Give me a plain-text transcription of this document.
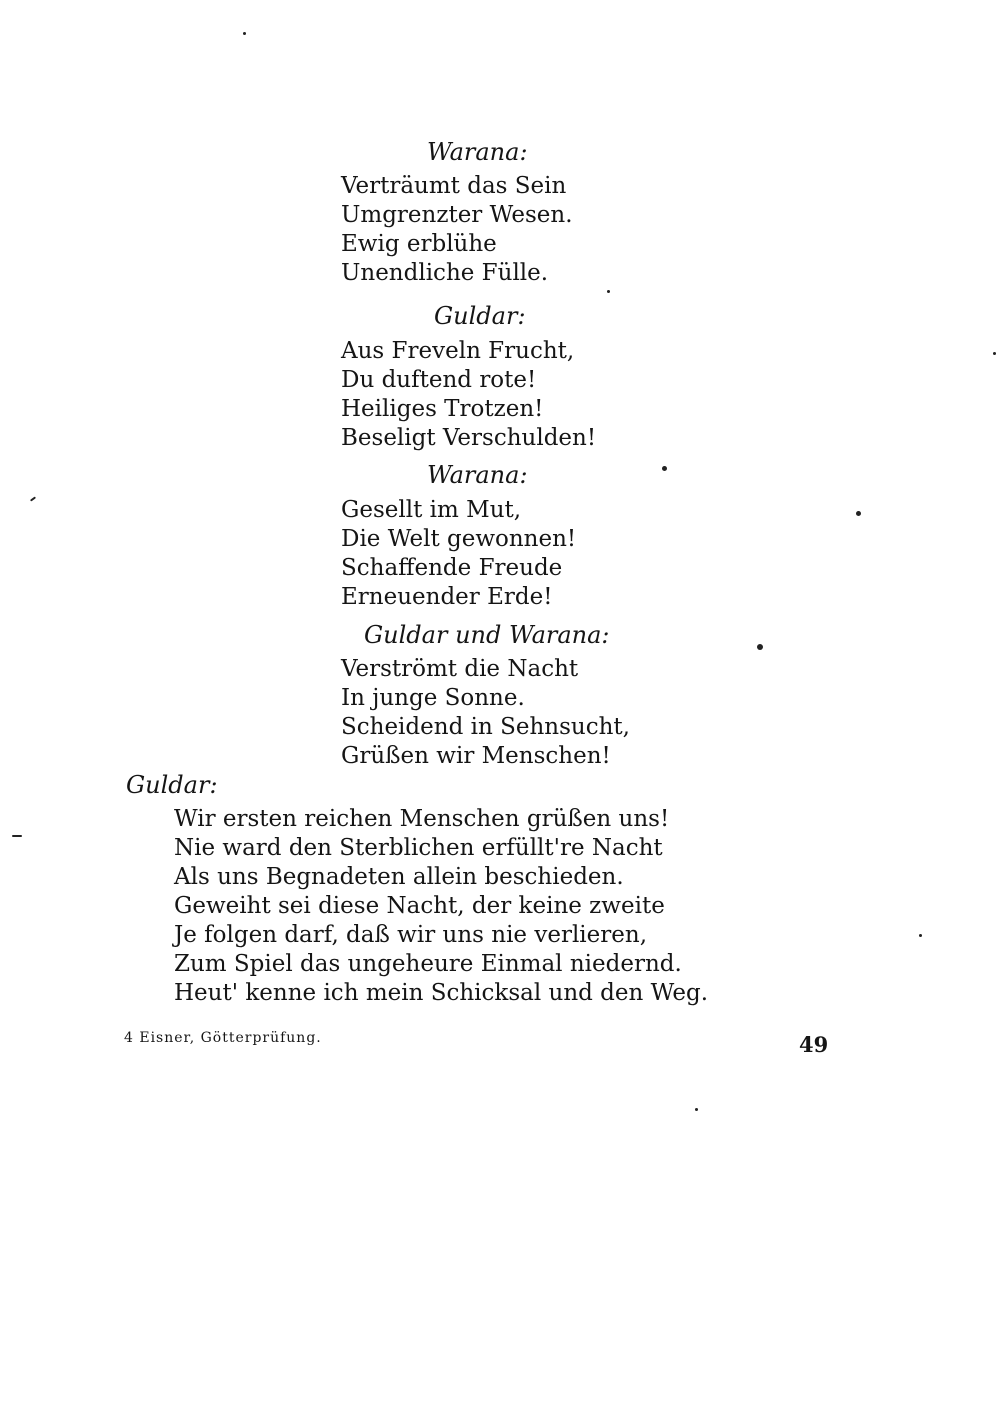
Warana:
Verträumt das Sein
Umgrenzter Wesen.
Ewig erblühe
Unendliche Fülle.
Guldar:
Aus Freveln Frucht,
Du duftend rote!
Heiliges Trotzen!
Beseligt Verschulden!
Warana:
Gesellt im Mut,
Die Welt gewonnen!
Schaffende Freude
Erneuender Erde!
Guldar und Warana:
Verströmt die Nacht
In junge Sonne.
Scheidend in Sehnsucht,
Grüßen wir Menschen!
Guldar:
Wir ersten reichen Menschen grüßen uns!
Nie ward den Sterblichen erfüllt're Nacht
Als uns Begnadeten allein beschieden.
Geweiht sei diese Nacht, der keine zweite
Je folgen darf, daß wir uns nie verlieren,
Zum Spiel das ungeheure Einmal niedernd.
Heut' kenne ich mein Schicksal und den Weg.
4 Eisner, Götterprüfung.	49
